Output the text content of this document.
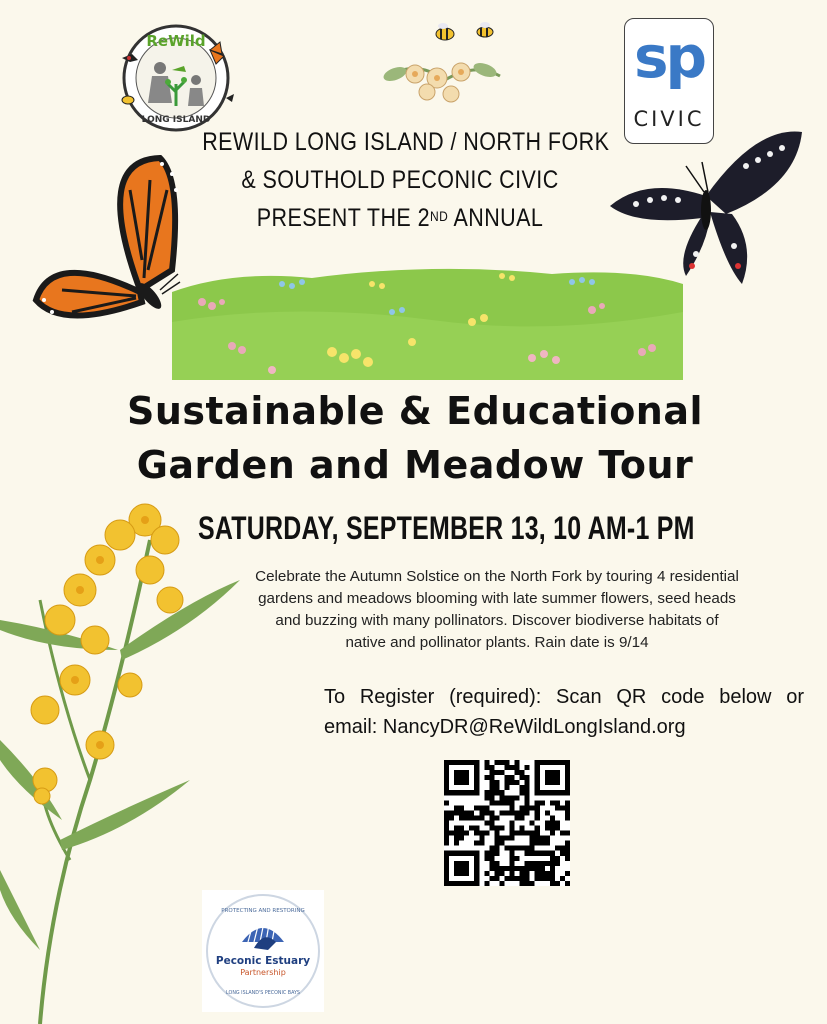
ReWild
LONG ISLAND
sp
CIVIC
REWILD LONG ISLAND / NORTH FORK
& SOUTHOLD PECONIC CIVIC
PRESENT THE 2ND ANNUAL
Sustainable & Educational
Garden and Meadow Tour
SATURDAY, SEPTEMBER 13, 10 AM-1 PM
Celebrate the Autumn Solstice on the North Fork by touring 4 residential
gardens and meadows blooming with late summer flowers, seed heads
and buzzing with many pollinators. Discover biodiverse habitats of
native and pollinator plants. Rain date is 9/14
To Register (required): Scan QR code below or
email: NancyDR@ReWildLongIsland.org
PROTECTING AND RESTORING
Peconic Estuary
Partnership
LONG ISLAND'S PECONIC BAYS
